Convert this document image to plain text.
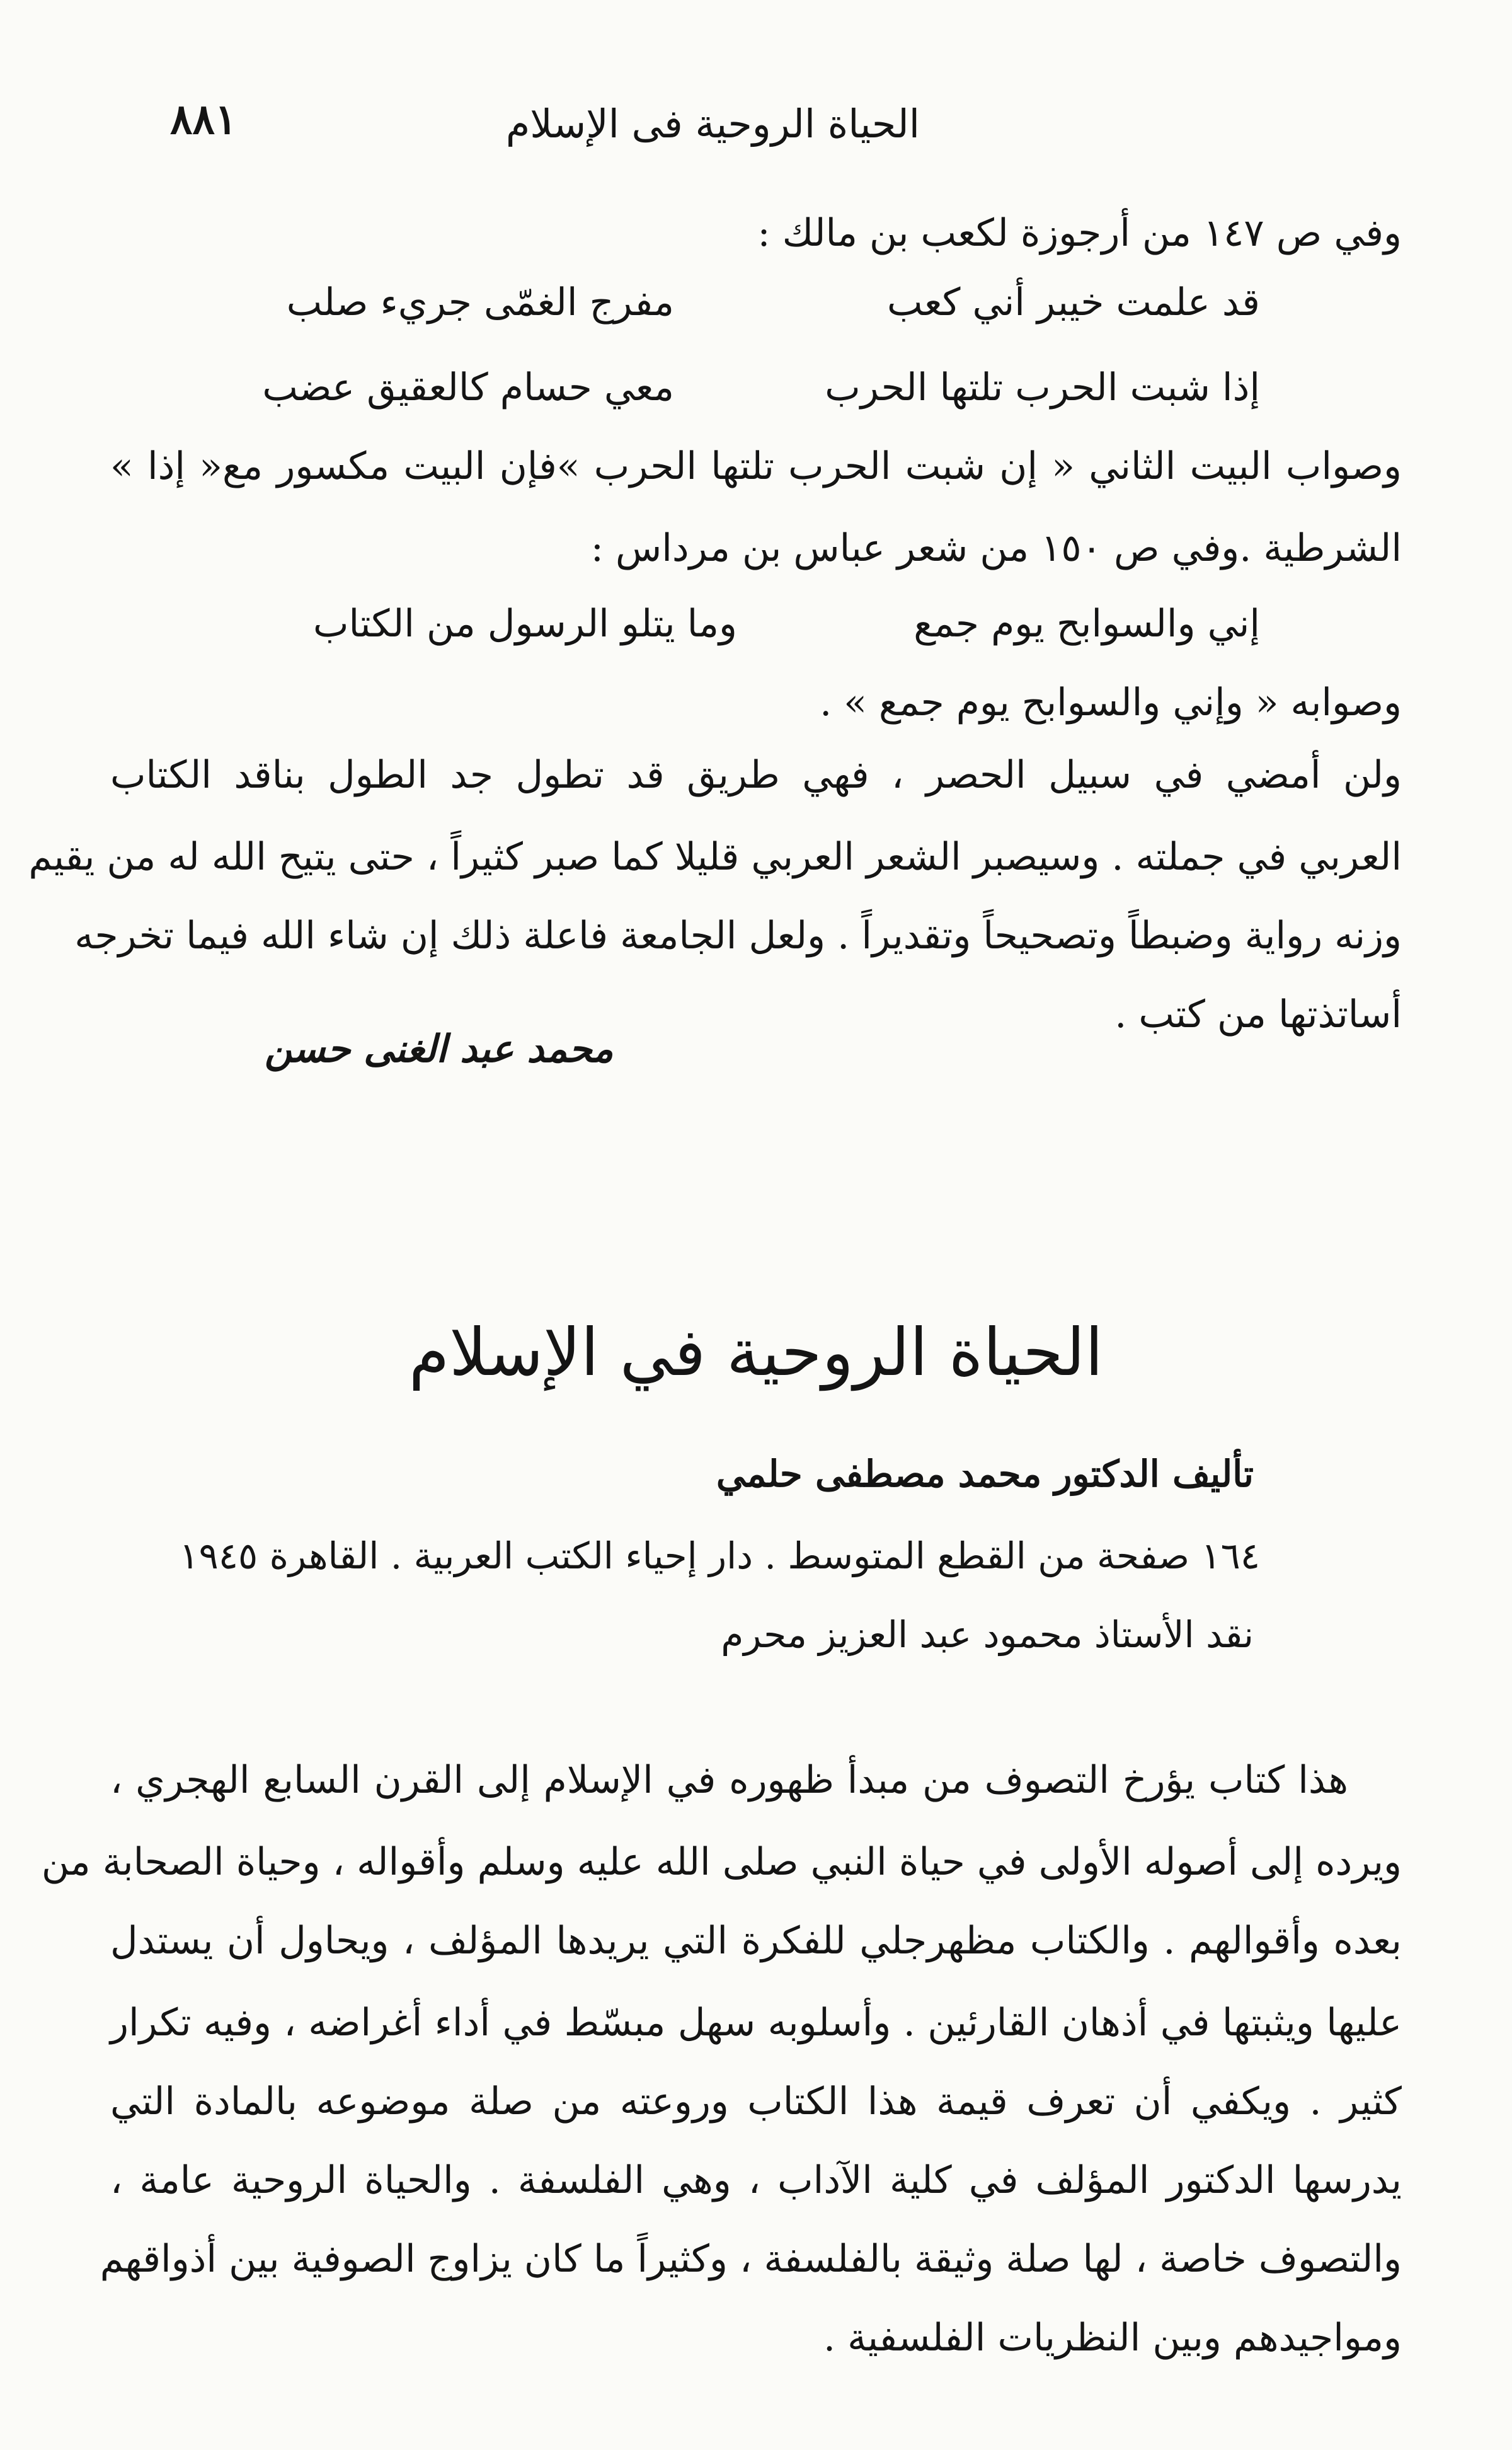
الحياة الروحية فى الإسلام
٨٨١
وفي ص ١٤٧ من أرجوزة لكعب بن مالك :
قد علمت خيبر أني كعب
مفرج الغمّى جريء صلب
إذا شبت الحرب تلتها الحرب
معي حسام كالعقيق عضب
وصواب البيت الثاني « إن شبت الحرب تلتها الحرب »فإن البيت مكسور مع« إذا »
الشرطية .وفي ص ١٥٠ من شعر عباس بن مرداس :
إني والسوابح يوم جمع
وما يتلو الرسول من الكتاب
وصوابه « وإني والسوابح يوم جمع » .
ولن أمضي في سبيل الحصر ، فهي طريق قد تطول جد الطول بناقد الكتاب
العربي في جملته . وسيصبر الشعر العربي قليلا كما صبر كثيراً ، حتى يتيح الله له من يقيم
وزنه رواية وضبطاً وتصحيحاً وتقديراً . ولعل الجامعة فاعلة ذلك إن شاء الله فيما تخرجه
أساتذتها من كتب .
محمد عبد الغنى حسن
الحياة الروحية في الإسلام
تأليف الدكتور محمد مصطفى حلمي
١٦٤ صفحة من القطع المتوسط . دار إحياء الكتب العربية . القاهرة ١٩٤٥
نقد الأستاذ محمود عبد العزيز محرم
هذا كتاب يؤرخ التصوف من مبدأ ظهوره في الإسلام إلى القرن السابع الهجري ،
ويرده إلى أصوله الأولى في حياة النبي صلى الله عليه وسلم وأقواله ، وحياة الصحابة من
بعده وأقوالهم . والكتاب مظهرجلي للفكرة التي يريدها المؤلف ، ويحاول أن يستدل
عليها ويثبتها في أذهان القارئين . وأسلوبه سهل مبسّط في أداء أغراضه ، وفيه تكرار
كثير . ويكفي أن تعرف قيمة هذا الكتاب وروعته من صلة موضوعه بالمادة التي
يدرسها الدكتور المؤلف في كلية الآداب ، وهي الفلسفة . والحياة الروحية عامة ،
والتصوف خاصة ، لها صلة وثيقة بالفلسفة ، وكثيراً ما كان يزاوج الصوفية بين أذواقهم
ومواجيدهم وبين النظريات الفلسفية .
